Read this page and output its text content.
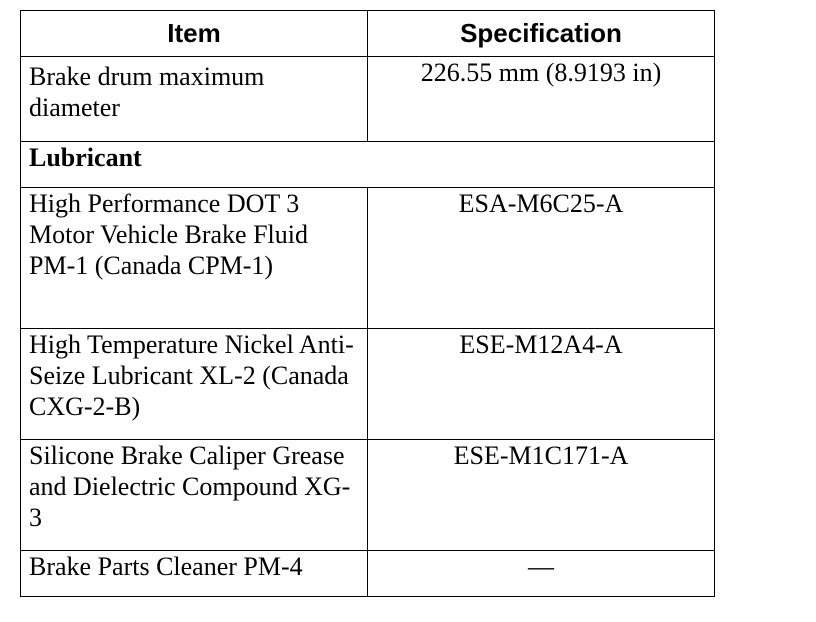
Item	Specification
Brake drum maximum diameter	226.55 mm (8.9193 in)
Lubricant	
High Performance DOT 3 Motor Vehicle Brake Fluid PM-1 (Canada CPM-1)	ESA-M6C25-A
High Temperature Nickel Anti-Seize Lubricant XL-2 (Canada CXG-2-B)	ESE-M12A4-A
Silicone Brake Caliper Grease and Dielectric Compound XG-3	ESE-M1C171-A
Brake Parts Cleaner PM-4	—
